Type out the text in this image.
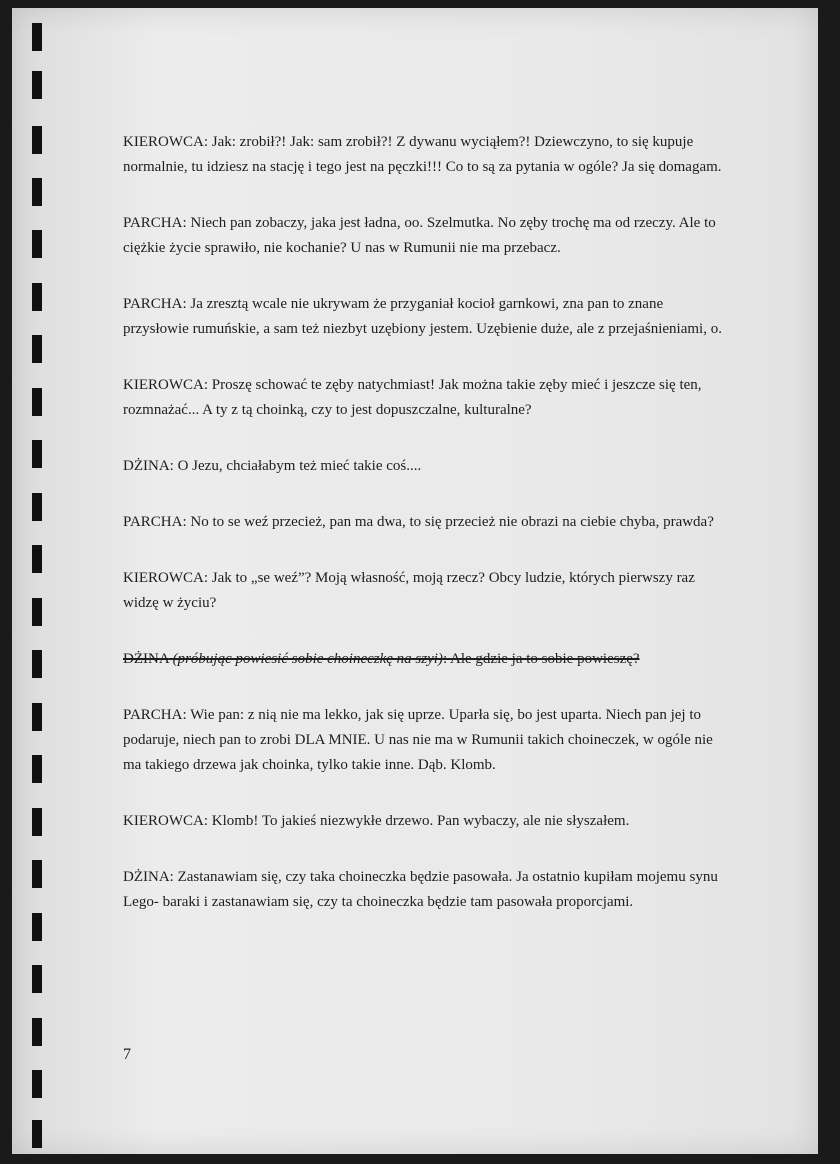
KIEROWCA: Jak: zrobił?! Jak: sam zrobił?! Z dywanu wyciąłem?! Dziewczyno, to się kupuje normalnie, tu idziesz na stację i tego jest na pęczki!!! Co to są za pytania w ogóle? Ja się domagam.

PARCHA: Niech pan zobaczy, jaka jest ładna, oo. Szelmutka. No zęby trochę ma od rzeczy. Ale to ciężkie życie sprawiło, nie kochanie? U nas w Rumunii nie ma przebacz.

PARCHA: Ja zresztą wcale nie ukrywam że przyganiał kocioł garnkowi, zna pan to znane przysłowie rumuńskie, a sam też niezbyt uzębiony jestem. Uzębienie duże, ale z przejaśnieniami, o.

KIEROWCA: Proszę schować te zęby natychmiast! Jak można takie zęby mieć i jeszcze się ten, rozmnażać... A ty z tą choinką, czy to jest dopuszczalne, kulturalne?

DŻINA: O Jezu, chciałabym też mieć takie coś....

PARCHA: No to se weź przecież, pan ma dwa, to się przecież nie obrazi na ciebie chyba, prawda?

KIEROWCA: Jak to „se weź”? Moją własność, moją rzecz? Obcy ludzie, których pierwszy raz widzę w życiu?

DŻINA (próbując powiesić sobie choineczkę na szyi): Ale gdzie ja to sobie powieszę?

PARCHA: Wie pan: z nią nie ma lekko, jak się uprze. Uparła się, bo jest uparta. Niech pan jej to podaruje, niech pan to zrobi DLA MNIE. U nas nie ma w Rumunii takich choineczek, w ogóle nie ma takiego drzewa jak choinka, tylko takie inne. Dąb. Klomb.

KIEROWCA: Klomb! To jakieś niezwykłe drzewo. Pan wybaczy, ale nie słyszałem.

DŻINA: Zastanawiam się, czy taka choineczka będzie pasowała. Ja ostatnio kupiłam mojemu synu Lego- baraki i zastanawiam się, czy ta choineczka będzie tam pasowała proporcjami.

7
